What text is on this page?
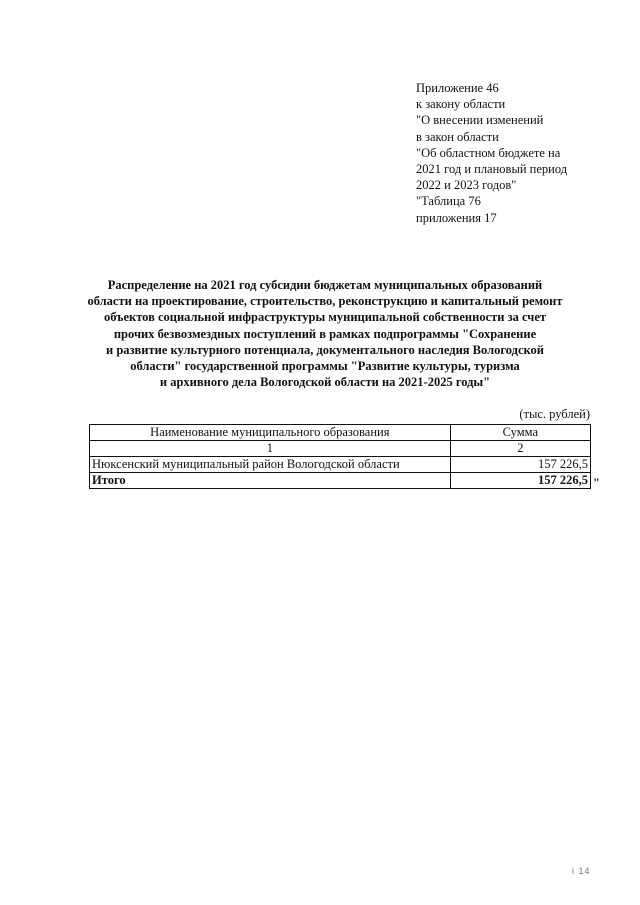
Приложение 46
к закону области
"О внесении изменений
в закон области
"Об областном бюджете на
2021 год и плановый период
2022 и 2023 годов"
"Таблица 76
приложения 17
Распределение на 2021 год субсидии бюджетам муниципальных образований
области на проектирование, строительство, реконструкцию и капитальный ремонт
объектов социальной инфраструктуры муниципальной собственности за счет
прочих безвозмездных поступлений в рамках подпрограммы "Сохранение
и развитие культурного потенциала, документального наследия Вологодской
области" государственной программы "Развитие культуры, туризма
и архивного дела Вологодской области на 2021-2025 годы"
(тыс. рублей)
Наименование муниципального образования	Сумма
1	2
Нюксенский муниципальный район Вологодской области	157 226,5
Итого	157 226,5 "
i 14
